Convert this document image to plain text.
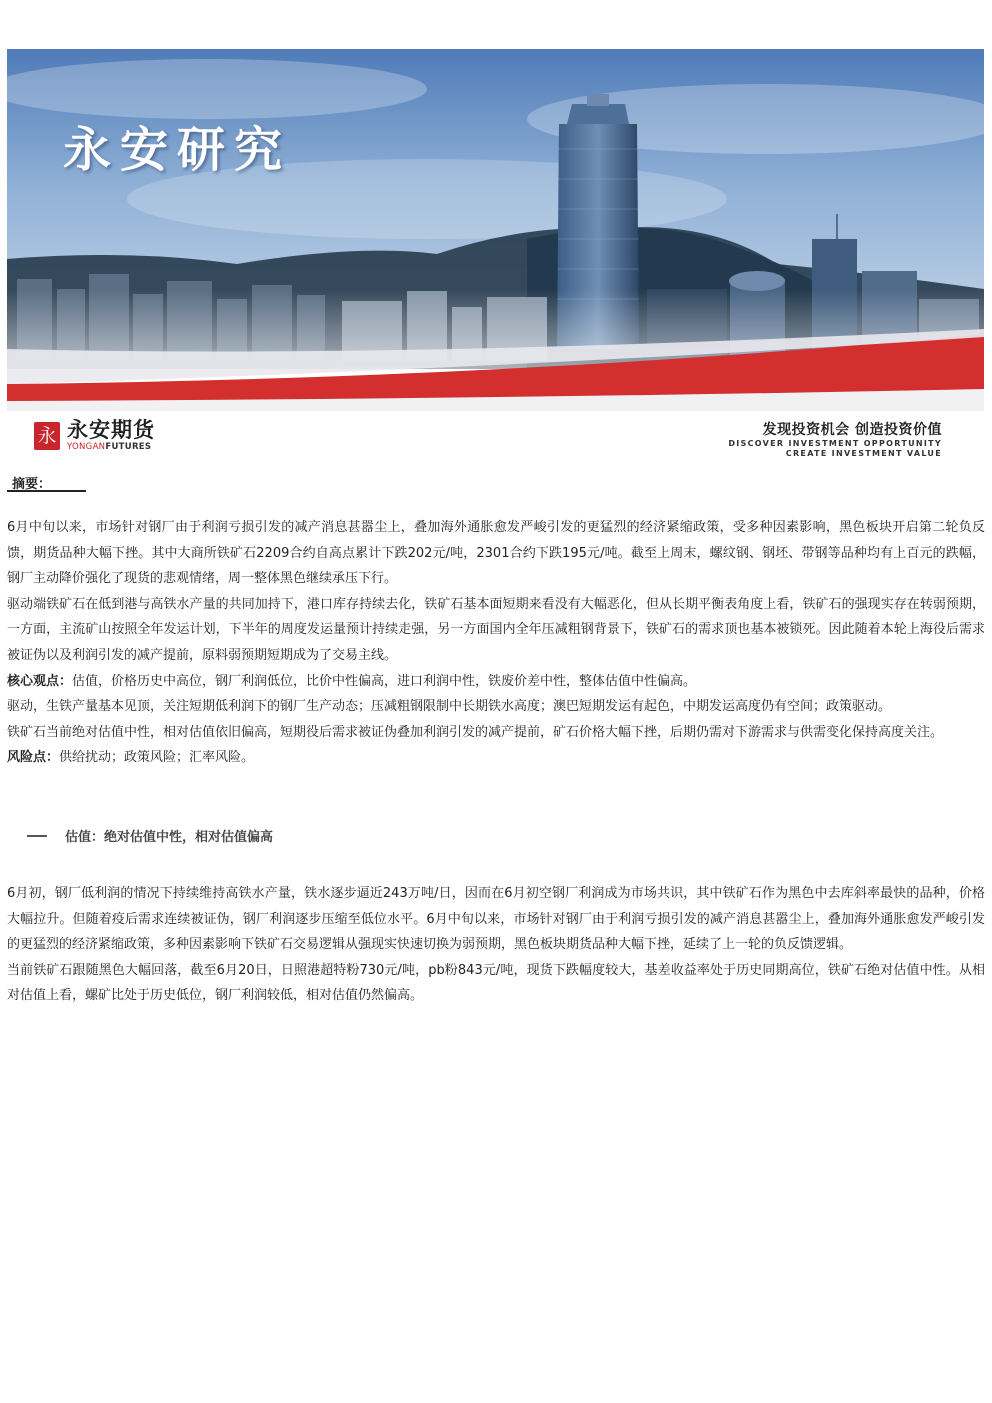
永安研究
永 永安期货
YONGANFUTURES
发现投资机会 创造投资价值
DISCOVER INVESTMENT OPPORTUNITY
CREATE INVESTMENT VALUE
摘要：

6月中旬以来，市场针对钢厂由于利润亏损引发的减产消息甚嚣尘上，叠加海外通胀愈发严峻引发的更猛烈的经济紧缩政策，受多种因素影响，黑色板块开启第二轮负反馈，期货品种大幅下挫。其中大商所铁矿石2209合约自高点累计下跌202元/吨，2301合约下跌195元/吨。截至上周末，螺纹钢、钢坯、带钢等品种均有上百元的跌幅，钢厂主动降价强化了现货的悲观情绪，周一整体黑色继续承压下行。

驱动端铁矿石在低到港与高铁水产量的共同加持下，港口库存持续去化，铁矿石基本面短期来看没有大幅恶化，但从长期平衡表角度上看，铁矿石的强现实存在转弱预期，一方面，主流矿山按照全年发运计划，下半年的周度发运量预计持续走强，另一方面国内全年压减粗钢背景下，铁矿石的需求顶也基本被锁死。因此随着本轮上海役后需求被证伪以及利润引发的减产提前，原料弱预期短期成为了交易主线。

核心观点：估值，价格历史中高位，钢厂利润低位，比价中性偏高，进口利润中性，铁废价差中性，整体估值中性偏高。

驱动，生铁产量基本见顶，关注短期低利润下的钢厂生产动态；压减粗钢限制中长期铁水高度；澳巴短期发运有起色，中期发运高度仍有空间；政策驱动。

铁矿石当前绝对估值中性，相对估值依旧偏高，短期役后需求被证伪叠加利润引发的减产提前，矿石价格大幅下挫，后期仍需对下游需求与供需变化保持高度关注。

风险点：供给扰动；政策风险；汇率风险。

估值：绝对估值中性，相对估值偏高

6月初，钢厂低利润的情况下持续维持高铁水产量，铁水逐步逼近243万吨/日，因而在6月初空钢厂利润成为市场共识，其中铁矿石作为黑色中去库斜率最快的品种，价格大幅拉升。但随着疫后需求连续被证伪，钢厂利润逐步压缩至低位水平。6月中旬以来，市场针对钢厂由于利润亏损引发的减产消息甚嚣尘上，叠加海外通胀愈发严峻引发的更猛烈的经济紧缩政策，多种因素影响下铁矿石交易逻辑从强现实快速切换为弱预期，黑色板块期货品种大幅下挫，延续了上一轮的负反馈逻辑。

当前铁矿石跟随黑色大幅回落，截至6月20日，日照港超特粉730元/吨，pb粉843元/吨，现货下跌幅度较大，基差收益率处于历史同期高位，铁矿石绝对估值中性。从相对估值上看，螺矿比处于历史低位，钢厂利润较低，相对估值仍然偏高。
